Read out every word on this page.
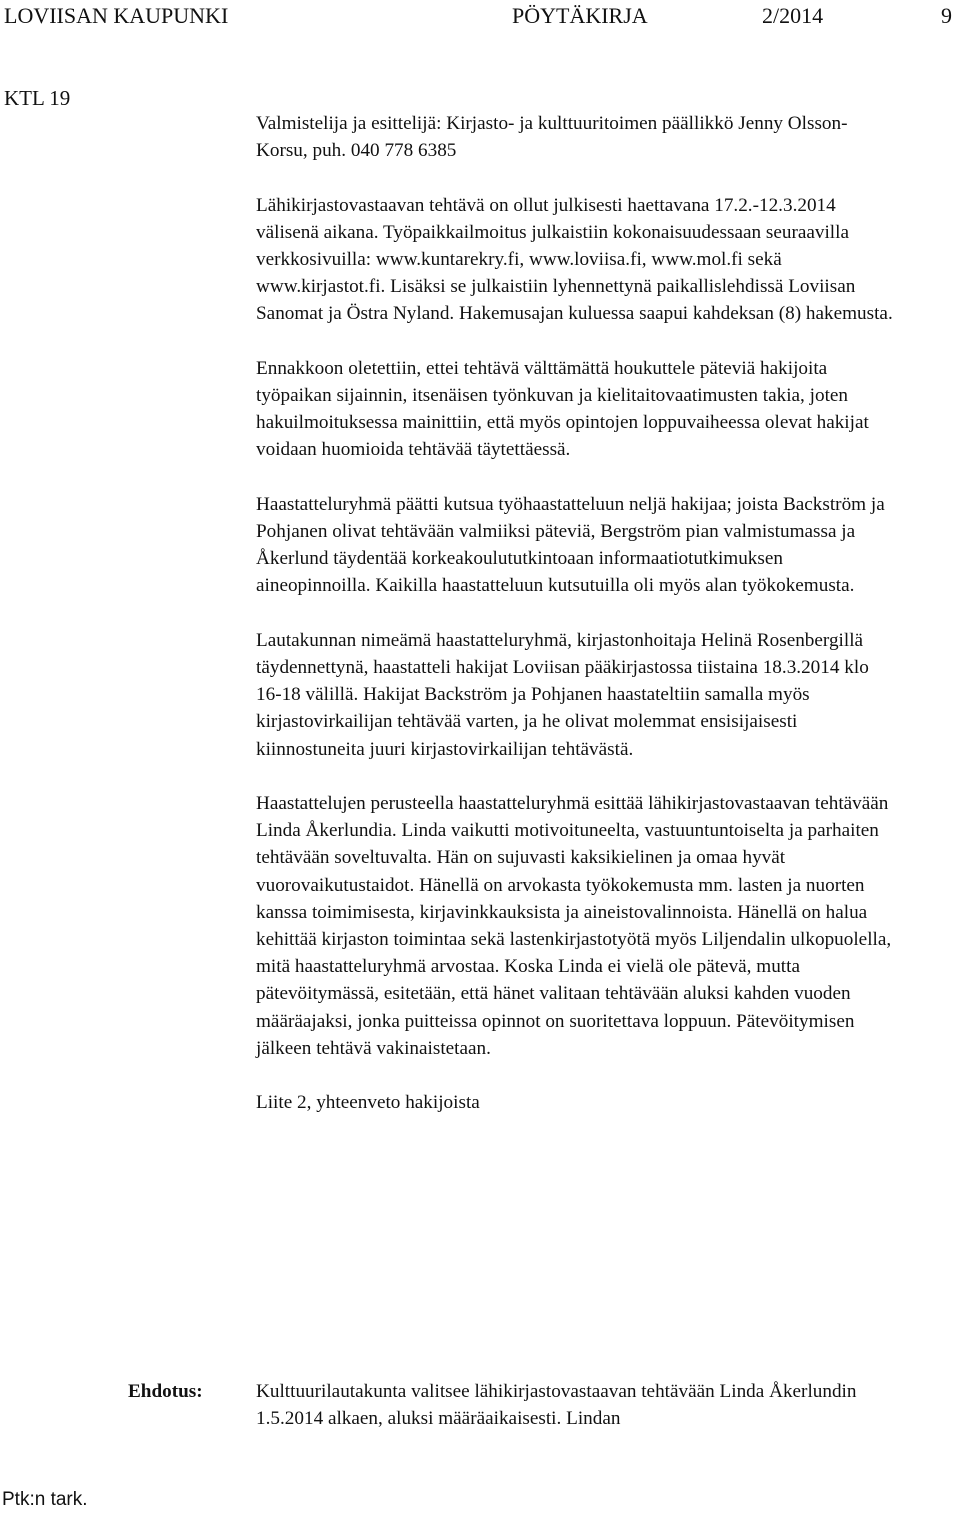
LOVIISAN KAUPUNKI	PÖYTÄKIRJA	2/2014	9
KTL 19

Valmistelija ja esittelijä: Kirjasto- ja kulttuuritoimen päällikkö Jenny Olsson-Korsu, puh. 040 778 6385

Lähikirjastovastaavan tehtävä on ollut julkisesti haettavana 17.2.-12.3.2014 välisenä aikana. Työpaikkailmoitus julkaistiin kokonaisuudessaan seuraavilla verkkosivuilla: www.kuntarekry.fi, www.loviisa.fi, www.mol.fi sekä www.kirjastot.fi. Lisäksi se julkaistiin lyhennettynä paikallislehdissä Loviisan Sanomat ja Östra Nyland. Hakemusajan kuluessa saapui kahdeksan (8) hakemusta.

Ennakkoon oletettiin, ettei tehtävä välttämättä houkuttele päteviä hakijoita työpaikan sijainnin, itsenäisen työnkuvan ja kielitaitovaatimusten takia, joten hakuilmoituksessa mainittiin, että myös opintojen loppuvaiheessa olevat hakijat voidaan huomioida tehtävää täytettäessä.

Haastatteluryhmä päätti kutsua työhaastatteluun neljä hakijaa; joista Backström ja Pohjanen olivat tehtävään valmiiksi päteviä, Bergström pian valmistumassa ja Åkerlund täydentää korkeakoulututkintoaan informaatiotutkimuksen aineopinnoilla. Kaikilla haastatteluun kutsutuilla oli myös alan työkokemusta.

Lautakunnan nimeämä haastatteluryhmä, kirjastonhoitaja Helinä Rosenbergillä täydennettynä, haastatteli hakijat Loviisan pääkirjastossa tiistaina 18.3.2014 klo 16-18 välillä. Hakijat Backström ja Pohjanen haastateltiin samalla myös kirjastovirkailijan tehtävää varten, ja he olivat molemmat ensisijaisesti kiinnostuneita juuri kirjastovirkailijan tehtävästä.

Haastattelujen perusteella haastatteluryhmä esittää lähikirjastovastaavan tehtävään Linda Åkerlundia. Linda vaikutti motivoituneelta, vastuuntuntoiselta ja parhaiten tehtävään soveltuvalta. Hän on sujuvasti kaksikielinen ja omaa hyvät vuorovaikutustaidot. Hänellä on arvokasta työkokemusta mm. lasten ja nuorten kanssa toimimisesta, kirjavinkkauksista ja aineistovalinnoista. Hänellä on halua kehittää kirjaston toimintaa sekä lastenkirjastotyötä myös Liljendalin ulkopuolella, mitä haastatteluryhmä arvostaa. Koska Linda ei vielä ole pätevä, mutta pätevöitymässä, esitetään, että hänet valitaan tehtävään aluksi kahden vuoden määräajaksi, jonka puitteissa opinnot on suoritettava loppuun. Pätevöitymisen jälkeen tehtävä vakinaistetaan.

Liite 2, yhteenveto hakijoista

Ehdotus:	Kulttuurilautakunta valitsee lähikirjastovastaavan tehtävään Linda Åkerlundin 1.5.2014 alkaen, aluksi määräaikaisesti. Lindan

Ptk:n tark.
